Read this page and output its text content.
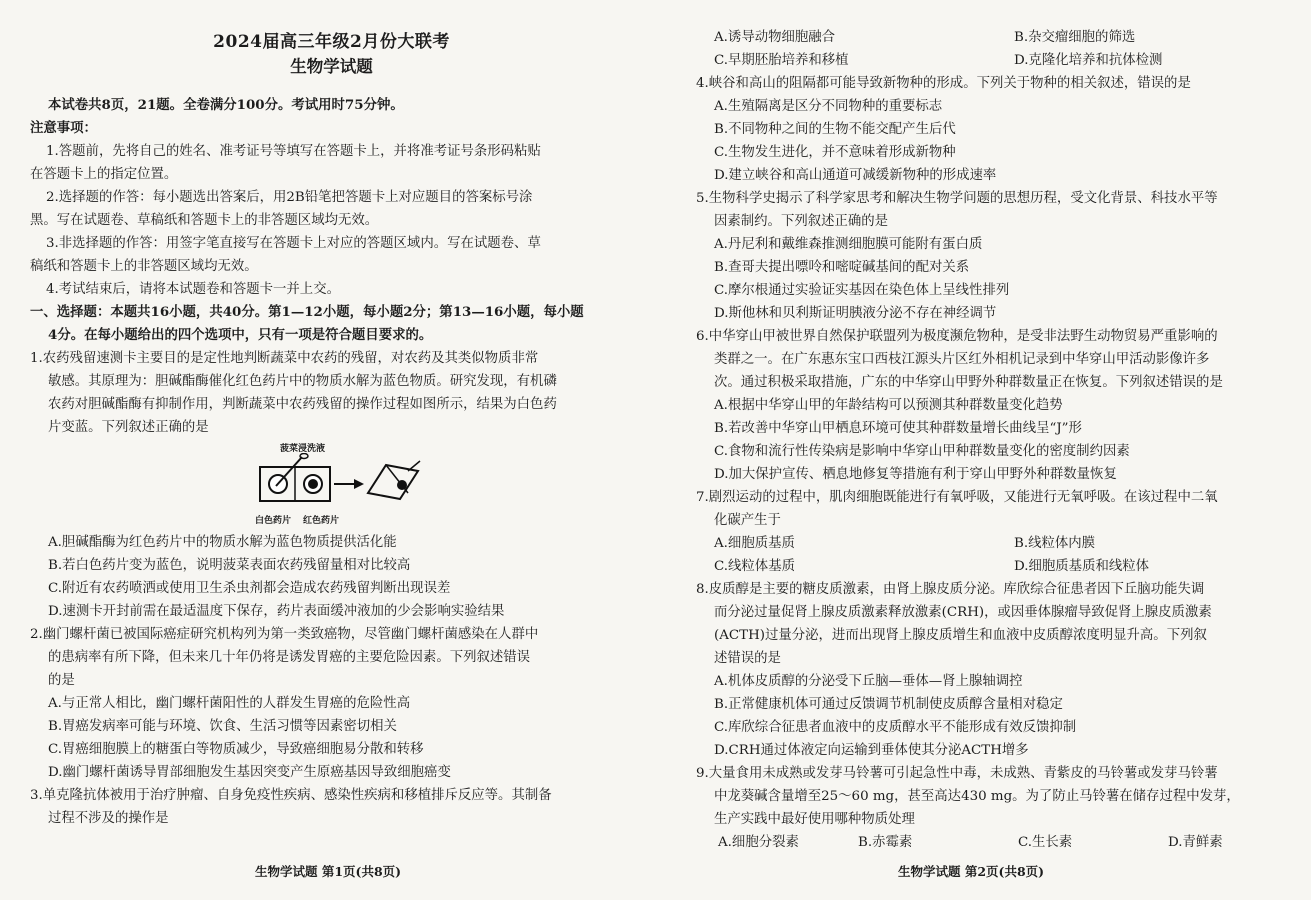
2024届高三年级2月份大联考
生物学试题
本试卷共8页，21题。全卷满分100分。考试用时75分钟。
注意事项：
1.答题前，先将自己的姓名、准考证号等填写在答题卡上，并将准考证号条形码粘贴
在答题卡上的指定位置。
2.选择题的作答：每小题选出答案后，用2B铅笔把答题卡上对应题目的答案标号涂
黑。写在试题卷、草稿纸和答题卡上的非答题区域均无效。
3.非选择题的作答：用签字笔直接写在答题卡上对应的答题区域内。写在试题卷、草
稿纸和答题卡上的非答题区域均无效。
4.考试结束后，请将本试题卷和答题卡一并上交。
一、选择题：本题共16小题，共40分。第1—12小题，每小题2分；第13—16小题，每小题
4分。在每小题给出的四个选项中，只有一项是符合题目要求的。
1.农药残留速测卡主要目的是定性地判断蔬菜中农药的残留，对农药及其类似物质非常
敏感。其原理为：胆碱酯酶催化红色药片中的物质水解为蓝色物质。研究发现，有机磷
农药对胆碱酯酶有抑制作用，判断蔬菜中农药残留的操作过程如图所示，结果为白色药
片变蓝。下列叙述正确的是
菠菜浸洗液
白色药片 红色药片
A.胆碱酯酶为红色药片中的物质水解为蓝色物质提供活化能
B.若白色药片变为蓝色，说明菠菜表面农药残留量相对比较高
C.附近有农药喷洒或使用卫生杀虫剂都会造成农药残留判断出现误差
D.速测卡开封前需在最适温度下保存，药片表面缓冲液加的少会影响实验结果
2.幽门螺杆菌已被国际癌症研究机构列为第一类致癌物，尽管幽门螺杆菌感染在人群中
的患病率有所下降，但未来几十年仍将是诱发胃癌的主要危险因素。下列叙述错误
的是
A.与正常人相比，幽门螺杆菌阳性的人群发生胃癌的危险性高
B.胃癌发病率可能与环境、饮食、生活习惯等因素密切相关
C.胃癌细胞膜上的糖蛋白等物质减少，导致癌细胞易分散和转移
D.幽门螺杆菌诱导胃部细胞发生基因突变产生原癌基因导致细胞癌变
3.单克隆抗体被用于治疗肿瘤、自身免疫性疾病、感染性疾病和移植排斥反应等。其制备
过程不涉及的操作是
生物学试题 第1页(共8页)
A.诱导动物细胞融合	B.杂交瘤细胞的筛选
C.早期胚胎培养和移植	D.克隆化培养和抗体检测
4.峡谷和高山的阻隔都可能导致新物种的形成。下列关于物种的相关叙述，错误的是
A.生殖隔离是区分不同物种的重要标志
B.不同物种之间的生物不能交配产生后代
C.生物发生进化，并不意味着形成新物种
D.建立峡谷和高山通道可减缓新物种的形成速率
5.生物科学史揭示了科学家思考和解决生物学问题的思想历程，受文化背景、科技水平等
因素制约。下列叙述正确的是
A.丹尼利和戴维森推测细胞膜可能附有蛋白质
B.查哥夫提出嘌呤和嘧啶碱基间的配对关系
C.摩尔根通过实验证实基因在染色体上呈线性排列
D.斯他林和贝利斯证明胰液分泌不存在神经调节
6.中华穿山甲被世界自然保护联盟列为极度濒危物种，是受非法野生动物贸易严重影响的
类群之一。在广东惠东宝口西枝江源头片区红外相机记录到中华穿山甲活动影像许多
次。通过积极采取措施，广东的中华穿山甲野外种群数量正在恢复。下列叙述错误的是
A.根据中华穿山甲的年龄结构可以预测其种群数量变化趋势
B.若改善中华穿山甲栖息环境可使其种群数量增长曲线呈“J”形
C.食物和流行性传染病是影响中华穿山甲种群数量变化的密度制约因素
D.加大保护宣传、栖息地修复等措施有利于穿山甲野外种群数量恢复
7.剧烈运动的过程中，肌肉细胞既能进行有氧呼吸，又能进行无氧呼吸。在该过程中二氧
化碳产生于
A.细胞质基质	B.线粒体内膜
C.线粒体基质	D.细胞质基质和线粒体
8.皮质醇是主要的糖皮质激素，由肾上腺皮质分泌。库欣综合征患者因下丘脑功能失调
而分泌过量促肾上腺皮质激素释放激素(CRH)，或因垂体腺瘤导致促肾上腺皮质激素
(ACTH)过量分泌，进而出现肾上腺皮质增生和血液中皮质醇浓度明显升高。下列叙
述错误的是
A.机体皮质醇的分泌受下丘脑—垂体—肾上腺轴调控
B.正常健康机体可通过反馈调节机制使皮质醇含量相对稳定
C.库欣综合征患者血液中的皮质醇水平不能形成有效反馈抑制
D.CRH通过体液定向运输到垂体使其分泌ACTH增多
9.大量食用未成熟或发芽马铃薯可引起急性中毒，未成熟、青紫皮的马铃薯或发芽马铃薯
中龙葵碱含量增至25～60 mg，甚至高达430 mg。为了防止马铃薯在储存过程中发芽，
生产实践中最好使用哪种物质处理
A.细胞分裂素	B.赤霉素	C.生长素	D.青鲜素
生物学试题 第2页(共8页)
